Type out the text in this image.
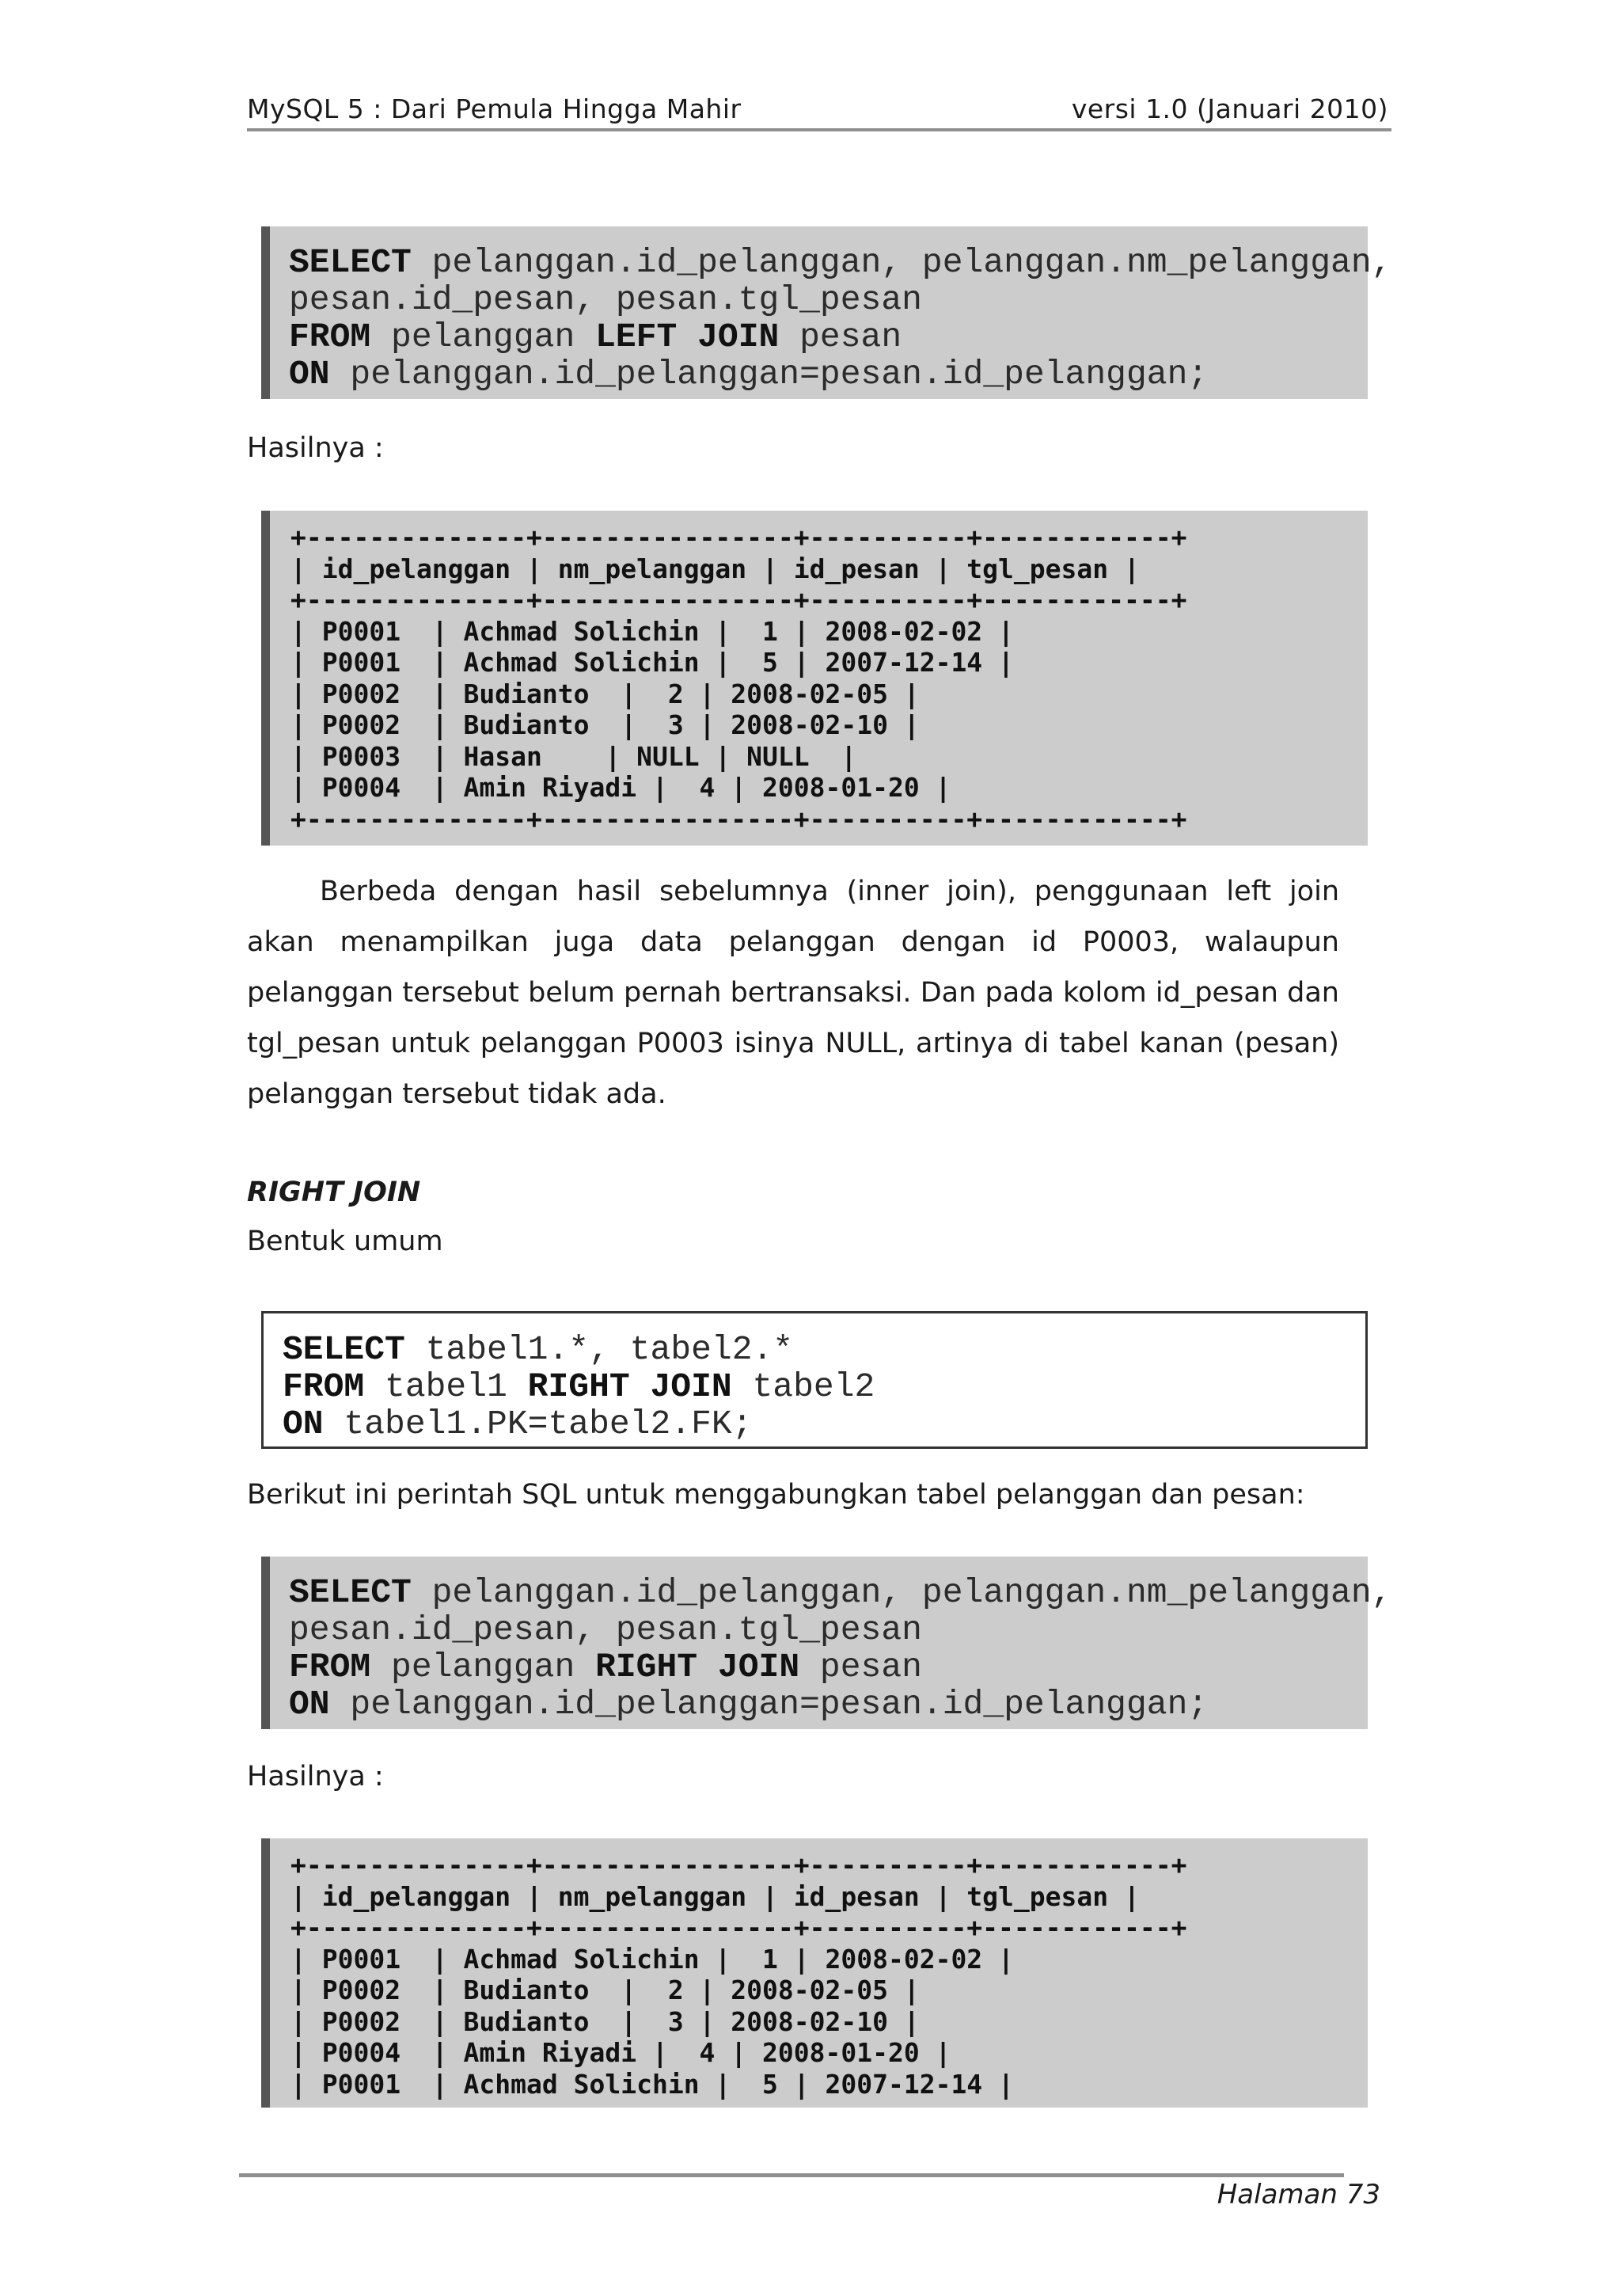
MySQL 5 : Dari Pemula Hingga Mahir	versi 1.0 (Januari 2010)
SELECT pelanggan.id_pelanggan, pelanggan.nm_pelanggan,
pesan.id_pesan, pesan.tgl_pesan
FROM pelanggan LEFT JOIN pesan
ON pelanggan.id_pelanggan=pesan.id_pelanggan;
Hasilnya :
+--------------+----------------+----------+------------+
| id_pelanggan | nm_pelanggan | id_pesan | tgl_pesan |
+--------------+----------------+----------+------------+
| P0001  | Achmad Solichin |  1 | 2008-02-02 |
| P0001  | Achmad Solichin |  5 | 2007-12-14 |
| P0002  | Budianto  |  2 | 2008-02-05 |
| P0002  | Budianto  |  3 | 2008-02-10 |
| P0003  | Hasan    | NULL | NULL  |
| P0004  | Amin Riyadi |  4 | 2008-01-20 |
+--------------+----------------+----------+------------+
Berbeda dengan hasil sebelumnya (inner join), penggunaan left join akan menampilkan juga data pelanggan dengan id P0003, walaupun pelanggan tersebut belum pernah bertransaksi. Dan pada kolom id_pesan dan tgl_pesan untuk pelanggan P0003 isinya NULL, artinya di tabel kanan (pesan) pelanggan tersebut tidak ada.
RIGHT JOIN
Bentuk umum
SELECT tabel1.*, tabel2.*
FROM tabel1 RIGHT JOIN tabel2
ON tabel1.PK=tabel2.FK;
Berikut ini perintah SQL untuk menggabungkan tabel pelanggan dan pesan:
SELECT pelanggan.id_pelanggan, pelanggan.nm_pelanggan,
pesan.id_pesan, pesan.tgl_pesan
FROM pelanggan RIGHT JOIN pesan
ON pelanggan.id_pelanggan=pesan.id_pelanggan;
Hasilnya :
+--------------+----------------+----------+------------+
| id_pelanggan | nm_pelanggan | id_pesan | tgl_pesan |
+--------------+----------------+----------+------------+
| P0001  | Achmad Solichin |  1 | 2008-02-02 |
| P0002  | Budianto  |  2 | 2008-02-05 |
| P0002  | Budianto  |  3 | 2008-02-10 |
| P0004  | Amin Riyadi |  4 | 2008-01-20 |
| P0001  | Achmad Solichin |  5 | 2007-12-14 |
Halaman 73
